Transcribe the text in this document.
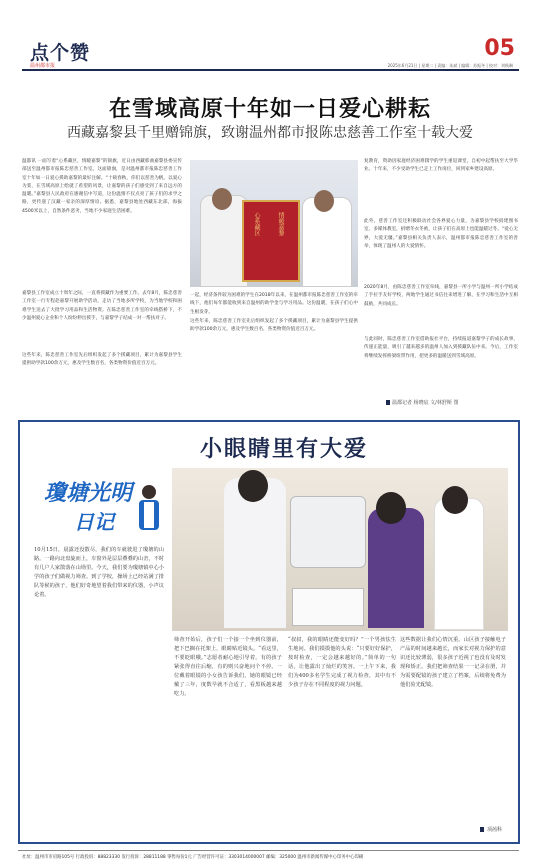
点个赞
温州都市报
05
2025年6月21日 | 星期二 | 责编：朱斌 | 编辑：苏振冬 | 校对：刘秋琳
在雪域高原十年如一日爱心耕耘
西藏嘉黎县千里赠锦旗，致谢温州都市报陈忠慈善工作室十载大爱
温都讯 一面写着“心系藏区，情暖嘉黎”的锦旗，近日由西藏那曲嘉黎县委宣传部送至温州都市报陈忠慈善工作室。这面锦旗，是对温州都市报陈忠慈善工作室十年如一日爱心援助嘉黎的最好注解。“十载春秋，你们以慈善为帆，以爱心为桨，在雪域高原上绘就了希望的风景，让嘉黎的孩子们感受到了来自远方的温暖。”嘉黎县人民政府在感谢信中写道，这份温情不仅点亮了孩子们的求学之路，更传递了汉藏一家亲的深厚情谊。据悉，嘉黎县地处西藏东北部，海拔4500米以上，自然条件恶劣，当地不少家庭生活困难。
嘉黎县工作室成立十周年之际，一直将援藏作为重要工作。去年8月，陈忠慈善工作室一行专程赴嘉黎开展助学活动，走访了当地多所学校，为当地学校和困难学生送去了大批学习用品和生活物资。在陈忠慈善工作室的牵线搭桥下，不少温州爱心企业和个人纷纷伸出援手，与嘉黎学子结成一对一帮扶对子。
这些年来，陈忠慈善工作室先后组织发起了多个援藏项目，累计为嘉黎县学生提供助学款100余万元，惠及学生数百名，各类物资价值近百万元。
心系藏区	情暖嘉黎
一起，经济条件较为困难的学生在2018年以来，在温州都市报陈忠慈善工作室的牵线下，他们每年都能收到来自温州的助学金与学习用品。这份温暖，在孩子们心中生根发芽。
这些年来，陈忠慈善工作室先后组织发起了多个援藏项目，累计为嘉黎县学生提供助学款100余万元，惠及学生数百名，各类物资价值近百万元。
复教育，资助因家庭经济困难辍学的学生重返课堂，自初中起帮扶至大学毕业。十年来，不少受助学生已走上工作岗位，回到家乡建设高原。
此外，慈善工作室还积极联动社会各界爱心力量，为嘉黎县学校捐建图书室、多媒体教室，捐赠冬衣冬被，让孩子们在高原上也能温暖过冬。“爱心无界，大爱无疆。”嘉黎县相关负责人表示，温州都市报陈忠慈善工作室的善举，体现了温州人的大爱情怀。
2020年8月，由陈忠慈善工作室牵线，嘉黎县一所小学与温州一所小学结成了手拉手友好学校，两地学生通过书信往来增进了解，在学习和生活中互相鼓励，共同成长。
与此同时，陈忠慈善工作室借助报社平台，持续报道嘉黎学子的成长故事，传递正能量，吸引了越来越多的温州人加入到援藏队伍中来。今后，工作室将继续发挥桥梁纽带作用，把更多的温暖送到雪域高原。
温都记者 杨晓宸 文/林舒斯 图
小眼睛里有大爱
瓊塘光明
日记
10月15日，晨露还没散尽，我们的车就驶进了瓊塘的山路。一路向北盘旋而上，车窗外是层层叠叠的山峦，不时有几户人家散落在山坳里。今天，我们要为瓊塘镇中心小学的孩子们做视力筛查。到了学校，操场上已经站满了排队等候的孩子，他们好奇地望着我们带来的仪器，小声议论着。
筛查开始后，孩子们一个接一个坐到仪器前，把下巴搁在托架上，眼睛贴近镜头。“看这里，不要眨眼哦。”志愿者耐心地引导着。有的孩子紧张得直往后缩，有的则兴奋地问个不停。一位戴着眼镜的小女孩告诉我们，她的眼镜已经戴了三年，度数早就不合适了，看黑板越来越吃力。
“叔叔，我的眼睛还能变好吗？”一个男孩怯生生地问。我们摸摸他的头说：“只要好好保护，按时检查，一定会越来越好的。”简单的一句话，让他露出了灿烂的笑容。一上午下来，我们为400多名学生完成了视力检查，其中有不少孩子存在不同程度的视力问题。
这些数据让我们心情沉重。山区孩子接触电子产品的时间越来越长，而家长对视力保护的意识还比较薄弱，很多孩子近视了也没有及时发现和矫正。我们把筛查结果一一记录在册，并为需要配镜的孩子建立了档案，后续将免费为他们验光配镜。
项茜科
社址：温州市市府路105号 行政投诉：88823330 发行投诉：28811188 零售每份1元 广告经营许可证：3303014000007 邮编：325000 温州市新闻传媒中心印务中心印刷
